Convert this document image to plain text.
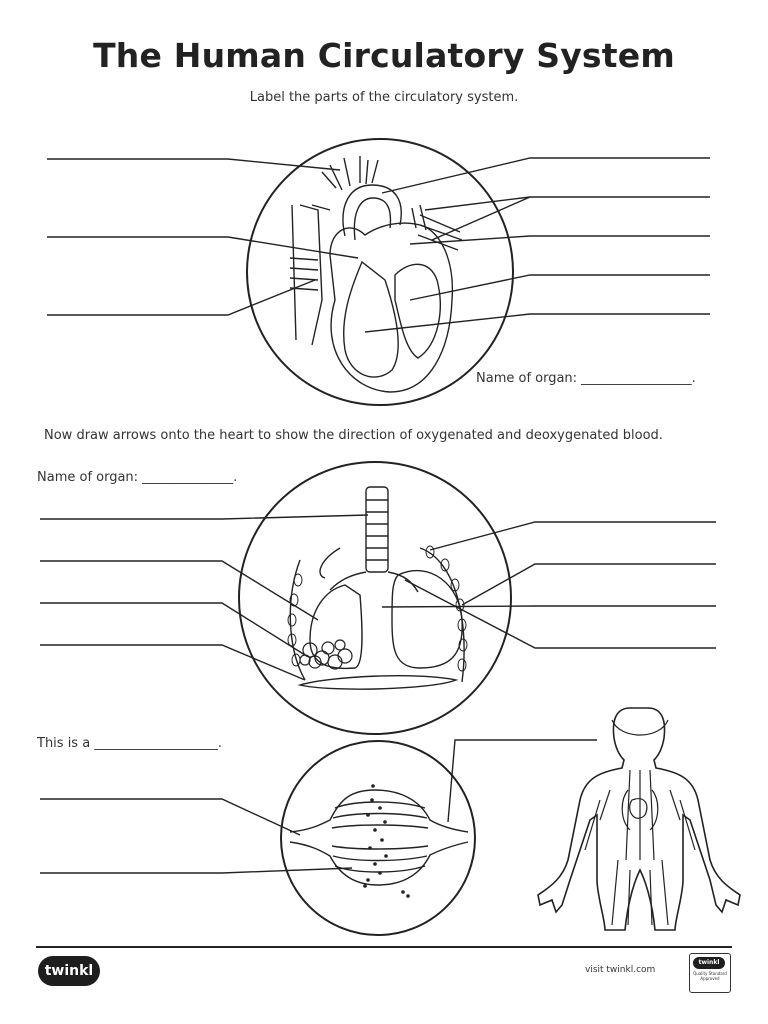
The Human Circulatory System
Label the parts of the circulatory system.
Name of organ: _________________.
Now draw arrows onto the heart to show the direction of oxygenated and deoxygenated blood.
Name of organ: ______________.
This is a ___________________.
twinkl	visit twinkl.com
twinkl
Quality Standard Approved
